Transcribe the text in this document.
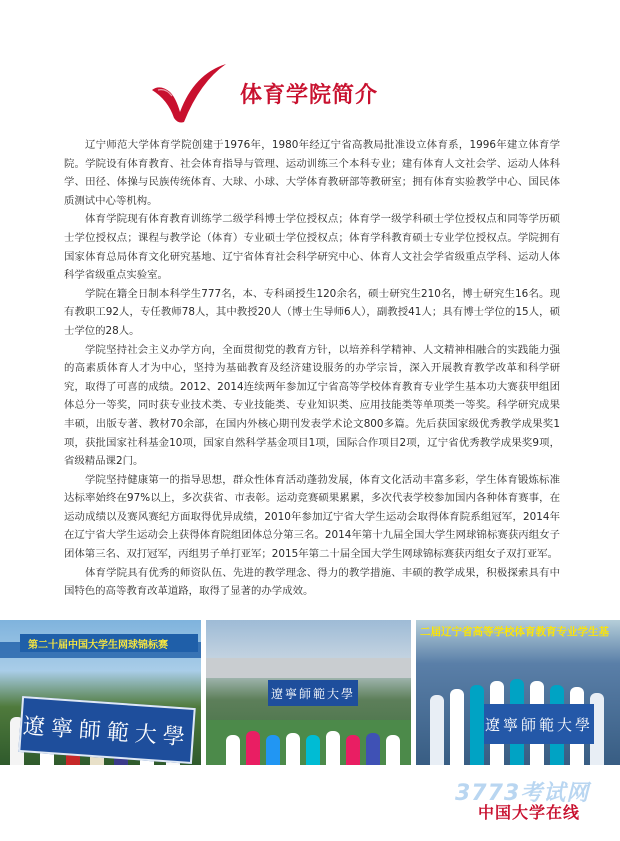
体育学院简介

辽宁师范大学体育学院创建于1976年，1980年经辽宁省高教局批准设立体育系，1996年建立体育学院。学院设有体育教育、社会体育指导与管理、运动训练三个本科专业；建有体育人文社会学、运动人体科学、田径、体操与民族传统体育、大球、小球、大学体育教研部等教研室；拥有体育实验教学中心、国民体质测试中心等机构。

体育学院现有体育教育训练学二级学科博士学位授权点；体育学一级学科硕士学位授权点和同等学历硕士学位授权点；课程与教学论（体育）专业硕士学位授权点；体育学科教育硕士专业学位授权点。学院拥有国家体育总局体育文化研究基地、辽宁省体育社会科学研究中心、体育人文社会学省级重点学科、运动人体科学省级重点实验室。

学院在籍全日制本科学生777名，本、专科函授生120余名，硕士研究生210名，博士研究生16名。现有教职工92人，专任教师78人，其中教授20人（博士生导师6人），副教授41人；具有博士学位的15人，硕士学位的28人。

学院坚持社会主义办学方向，全面贯彻党的教育方针，以培养科学精神、人文精神相融合的实践能力强的高素质体育人才为中心，坚持为基础教育及经济建设服务的办学宗旨，深入开展教育教学改革和科学研究，取得了可喜的成绩。2012、2014连续两年参加辽宁省高等学校体育教育专业学生基本功大赛获甲组团体总分一等奖，同时获专业技术类、专业技能类、专业知识类、应用技能类等单项类一等奖。科学研究成果丰硕，出版专著、教材70余部，在国内外核心期刊发表学术论文800多篇。先后获国家级优秀教学成果奖1项，获批国家社科基金10项，国家自然科学基金项目1项，国际合作项目2项，辽宁省优秀教学成果奖9项，省级精品课2门。

学院坚持健康第一的指导思想，群众性体育活动蓬勃发展，体育文化活动丰富多彩，学生体育锻炼标准达标率始终在97%以上，多次获省、市表彰。运动竞赛硕果累累，多次代表学校参加国内各种体育赛事，在运动成绩以及赛风赛纪方面取得优异成绩，2010年参加辽宁省大学生运动会取得体育院系组冠军，2014年在辽宁省大学生运动会上获得体育院组团体总分第三名。2014年第十九届全国大学生网球锦标赛获丙组女子团体第三名、双打冠军，丙组男子单打亚军；2015年第二十届全国大学生网球锦标赛获丙组女子双打亚军。

体育学院具有优秀的师资队伍、先进的教学理念、得力的教学措施、丰硕的教学成果，积极探索具有中国特色的高等教育改革道路，取得了显著的办学成效。

第二十届中国大学生网球锦标赛
遼寧師範大學
遼寧師範大學
二届辽宁省高等学校体育教育专业学生基
遼寧師範大學
3773考试网
中国大学在线
